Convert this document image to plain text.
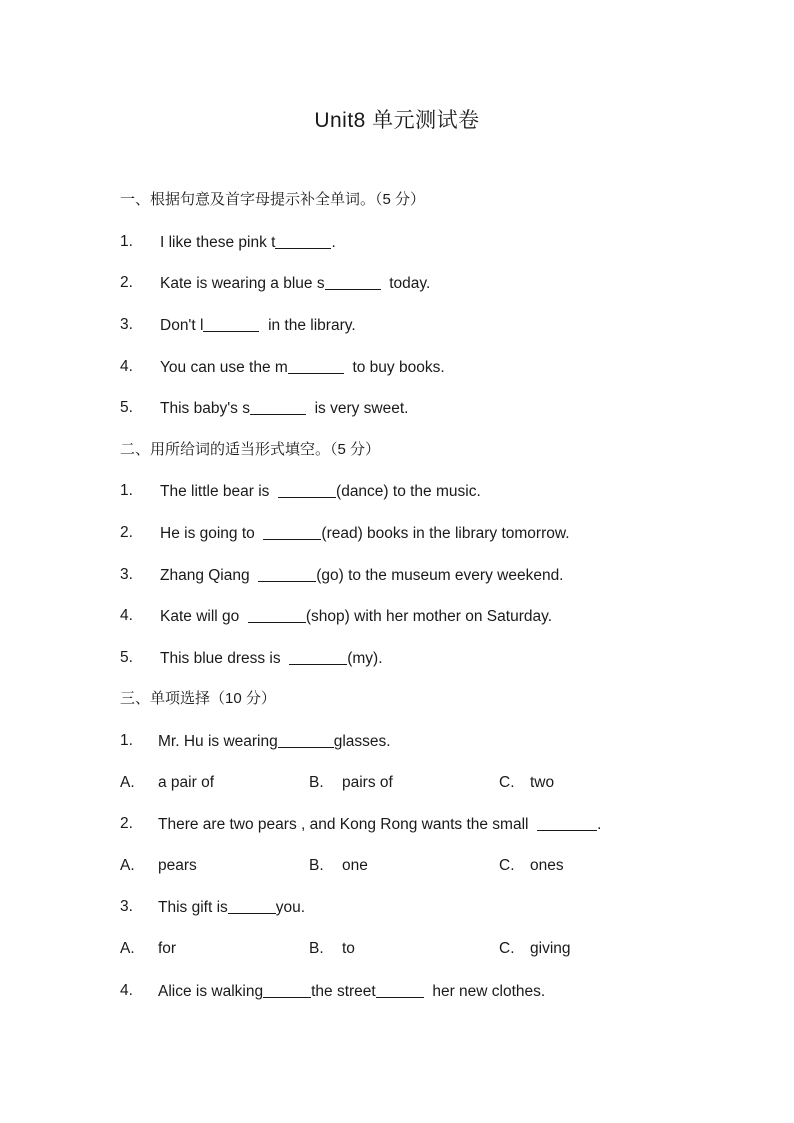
Unit8 单元测试卷
一、根据句意及首字母提示补全单词。（5 分）
1. I like these pink t	.
2. Kate is wearing a blue s	today.
3. Don't l	in the library.
4. You can use the m	to buy books.
5. This baby's s	is very sweet.
二、用所给词的适当形式填空。（5 分）
1. The little bear is	(dance) to the music.
2. He is going to	(read) books in the library tomorrow.
3. Zhang Qiang	(go) to the museum every weekend.
4. Kate will go	(shop) with her mother on Saturday.
5. This blue dress is	(my).
三、单项选择（10 分）
1. Mr. Hu is wearing	glasses.
A. a pair of	B. pairs of	C. two
2. There are two pears , and Kong Rong wants the small	.
A. pears	B. one	C. ones
3. This gift is	you.
A. for	B. to	C. giving
4. Alice is walking	the street	her new clothes.
